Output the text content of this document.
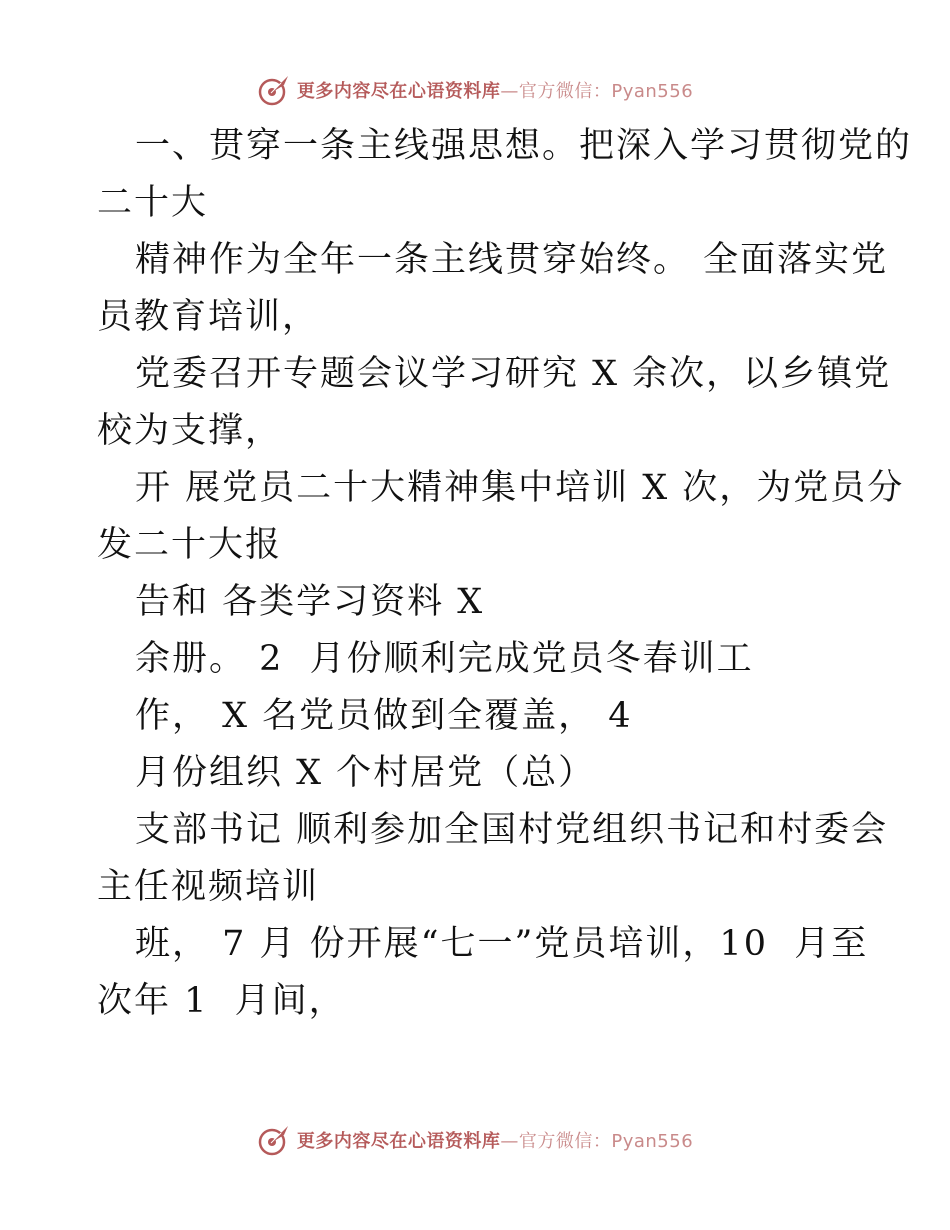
更多内容尽在心语资料库—官方微信：Pyan556
一、贯穿一条主线强思想。把深入学习贯彻党的
二十大
精神作为全年一条主线贯穿始终。 全面落实党
员教育培训，
党委召开专题会议学习研究 X 余次，以乡镇党
校为支撑，
开 展党员二十大精神集中培训 X 次，为党员分
发二十大报
告和 各类学习资料 X
余册。 2  月份顺利完成党员冬春训工
作， X 名党员做到全覆盖， 4
月份组织 X 个村居党（总）
支部书记 顺利参加全国村党组织书记和村委会
主任视频培训
班， 7 月 份开展“七一”党员培训，10  月至
次年 1  月间，
更多内容尽在心语资料库—官方微信：Pyan556
